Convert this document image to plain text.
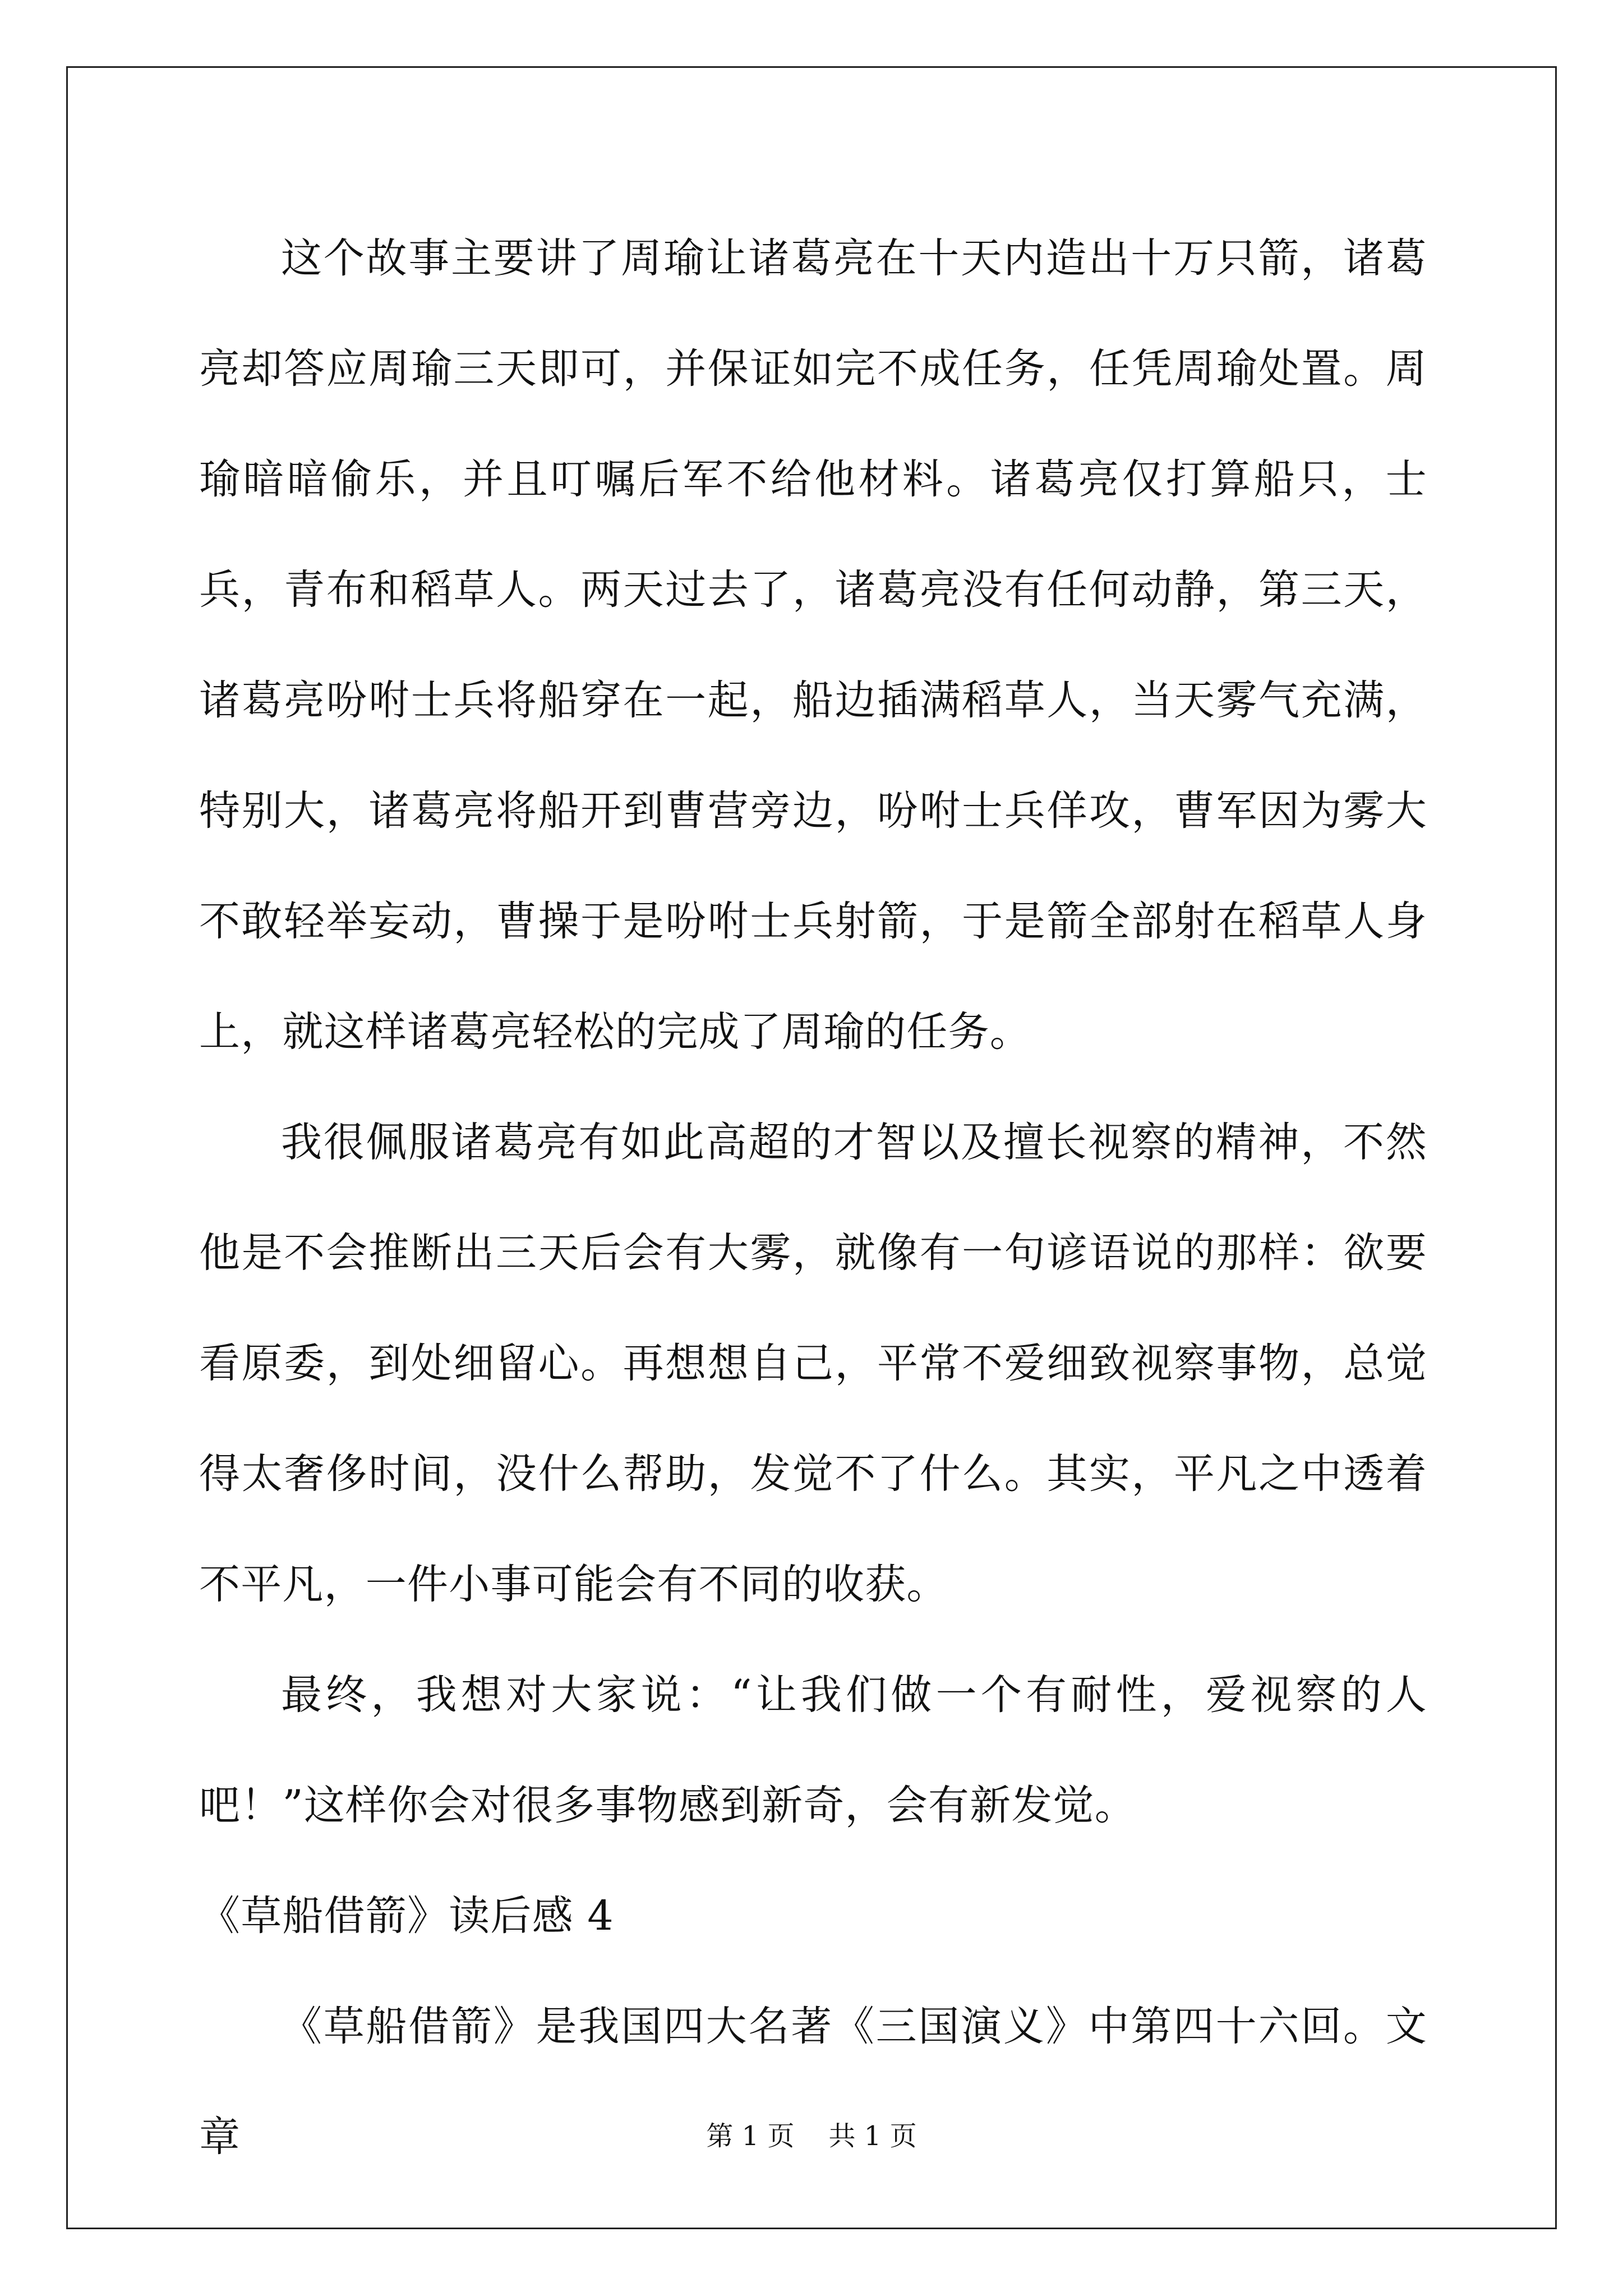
这个故事主要讲了周瑜让诸葛亮在十天内造出十万只箭，诸葛亮却答应周瑜三天即可，并保证如完不成任务，任凭周瑜处置。周瑜暗暗偷乐，并且叮嘱后军不给他材料。诸葛亮仅打算船只，士兵，青布和稻草人。两天过去了，诸葛亮没有任何动静，第三天，诸葛亮吩咐士兵将船穿在一起，船边插满稻草人，当天雾气充满，特别大，诸葛亮将船开到曹营旁边，吩咐士兵佯攻，曹军因为雾大不敢轻举妄动，曹操于是吩咐士兵射箭，于是箭全部射在稻草人身上，就这样诸葛亮轻松的完成了周瑜的任务。

我很佩服诸葛亮有如此高超的才智以及擅长视察的精神，不然他是不会推断出三天后会有大雾，就像有一句谚语说的那样：欲要看原委，到处细留心。再想想自己，平常不爱细致视察事物，总觉得太奢侈时间，没什么帮助，发觉不了什么。其实，平凡之中透着不平凡，一件小事可能会有不同的收获。

最终，我想对大家说：“让我们做一个有耐性，爱视察的人吧！”这样你会对很多事物感到新奇，会有新发觉。

《草船借箭》读后感 4

《草船借箭》是我国四大名著《三国演义》中第四十六回。文章	第 1 页    共 1 页
